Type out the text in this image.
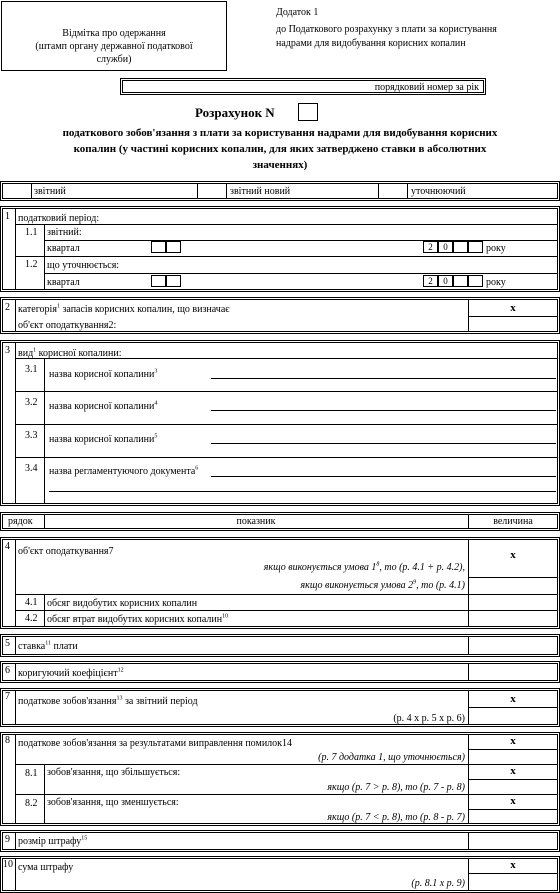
Відмітка про одержання
(штамп органу державної податкової
служби)
Додаток 1
до Податкового розрахунку з плати за користування
надрами для видобування корисних копалин
порядковий номер за рік
Розрахунок N
податкового зобов'язання з плати за користування надрами для видобування корисних
копалин (у частині корисних копалин, для яких затверджено ставки в абсолютних
значеннях)
звітний	звітний новий	уточнюючий
1 податковий період:
1.1 звітний:
квартал	2	0	року
1.2 що уточнюється:
квартал	2	0	року
2 категорія$^1$ запасів корисних копалин, що визначає
об'єкт оподаткування2:
x
3 вид$^1$ корисної копалини:
3.1 назва корисної копалини$^3$
3.2 назва корисної копалини$^4$
3.3 назва корисної копалини$^5$
3.4 назва регламентуючого документа$^6$
рядок	показник	величина
4 об'єкт оподаткування7
якщо виконується умова $1^8$, то (р. 4.1 + р. 4.2),
якщо виконується умова $2^9$, то (р. 4.1)
x
4.1 обсяг видобутих корисних копалин
4.2 обсяг втрат видобутих корисних копалин$^{10}$
5 ставка$^{11}$ плати
6 коригуючий коефіцієнт$^{12}$
7 податкове зобов'язання$^{13}$ за звітний період
(р. 4 х р. 5 х р. 6)
x
8 податкове зобов'язання за результатами виправлення помилок14
(р. 7 додатка 1, що уточнюється)
x
8.1 зобов'язання, що збільшується:
якщо (р. 7 > р. 8), то (р. 7 - р. 8)
x
8.2 зобов'язання, що зменшується:
якщо (р. 7 < р. 8), то (р. 8 - р. 7)
x
9 розмір штрафу$^{15}$
10 сума штрафу
(р. 8.1 х р. 9)
x
